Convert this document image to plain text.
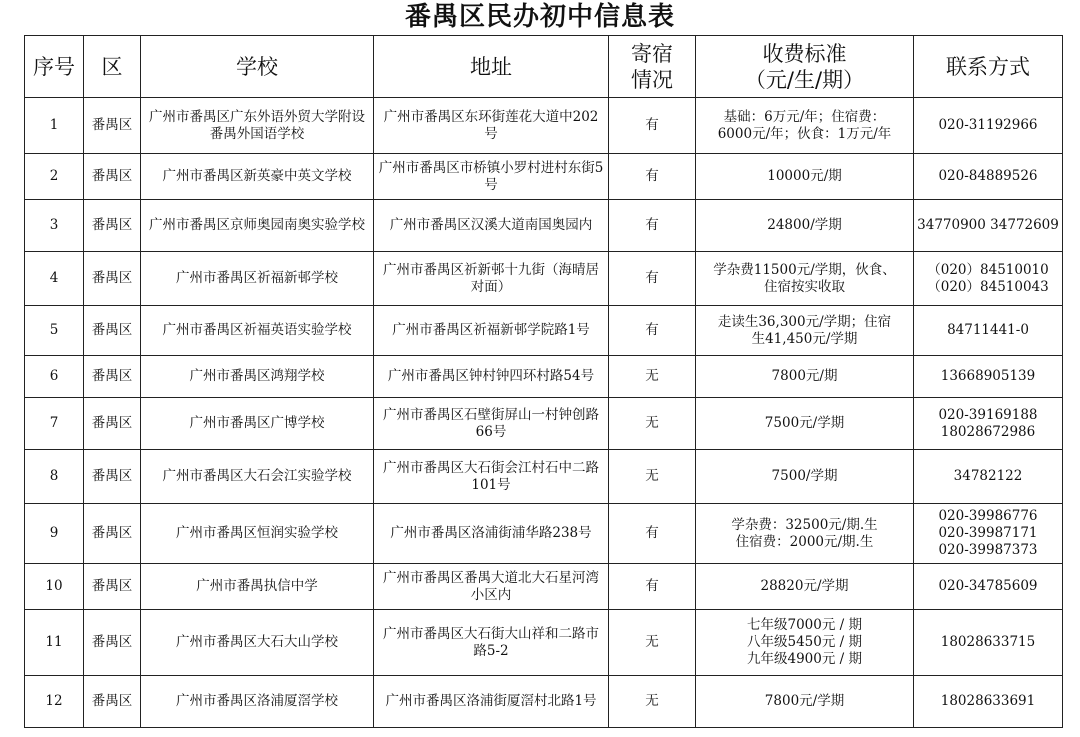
番禺区民办初中信息表
序号	区	学校	地址	寄宿情况	收费标准
（元/生/期）	联系方式
1	番禺区	广州市番禺区广东外语外贸大学附设番禺外国语学校	广州市番禺区东环街莲花大道中202号	有	基础：6万元/年；住宿费：
6000元/年；伙食：1万元/年	020-31192966

2	番禺区	广州市番禺区新英豪中英文学校	广州市番禺区市桥镇小罗村进村东街5号	有	10000元/期	020-84889526

3	番禺区	广州市番禺区京师奥园南奥实验学校	广州市番禺区汉溪大道南国奥园内	有	24800/学期	34770900 34772609

4	番禺区	广州市番禺区祈福新邨学校	广州市番禺区祈新邨十九街（海晴居对面）	有	学杂费11500元/学期，伙食、
住宿按实收取	（020）84510010
（020）84510043

5	番禺区	广州市番禺区祈福英语实验学校	广州市番禺区祈福新邨学院路1号	有	走读生36,300元/学期；住宿
生41,450元/学期	84711441-0

6	番禺区	广州市番禺区鸿翔学校	广州市番禺区钟村钟四环村路54号	无	7800元/期	13668905139

7	番禺区	广州市番禺区广博学校	广州市番禺区石壁街屏山一村钟创路66号	无	7500元/学期	020-39169188
18028672986

8	番禺区	广州市番禺区大石会江实验学校	广州市番禺区大石街会江村石中二路101号	无	7500/学期	34782122

9	番禺区	广州市番禺区恒润实验学校	广州市番禺区洛浦街浦华路238号	有	学杂费：32500元/期.生
住宿费：2000元/期.生	020-39986776
020-39987171
020-39987373

10	番禺区	广州市番禺执信中学	广州市番禺区番禺大道北大石星河湾小区内	有	28820元/学期	020-34785609

11	番禺区	广州市番禺区大石大山学校	广州市番禺区大石街大山祥和二路市路5-2	无	七年级7000元 / 期
八年级5450元 / 期
九年级4900元 / 期	18028633715

12	番禺区	广州市番禺区洛浦厦滘学校	广州市番禺区洛浦街厦滘村北路1号	无	7800元/学期	18028633691
